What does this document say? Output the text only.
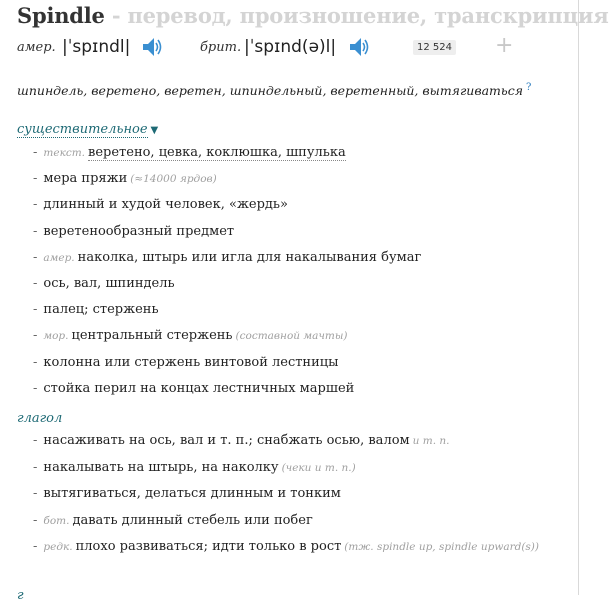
Spindle - перевод, произношение, транскрипция
амер. |ˈspɪndl|	брит. |ˈspɪnd(ə)l|	12 524 +
шпиндель, веретено, веретен, шпиндельный, веретенный, вытягиваться ?
существительное ▼
- текст. веретено, цевка, коклюшка, шпулька
- мера пряжи (≈14000 ярдов)
- длинный и худой человек, «жердь»
- веретенообразный предмет
- амер. наколка, штырь или игла для накалывания бумаг
- ось, вал, шпиндель
- палец; стержень
- мор. центральный стержень (составной мачты)
- колонна или стержень винтовой лестницы
- стойка перил на концах лестничных маршей
глагол
- насаживать на ось, вал и т. п.; снабжать осью, валом и т. п.
- накалывать на штырь, на наколку (чеки и т. п.)
- вытягиваться, делаться длинным и тонким
- бот. давать длинный стебель или побег
- редк. плохо развиваться; идти только в рост (тж. spindle up, spindle upward(s))
г
